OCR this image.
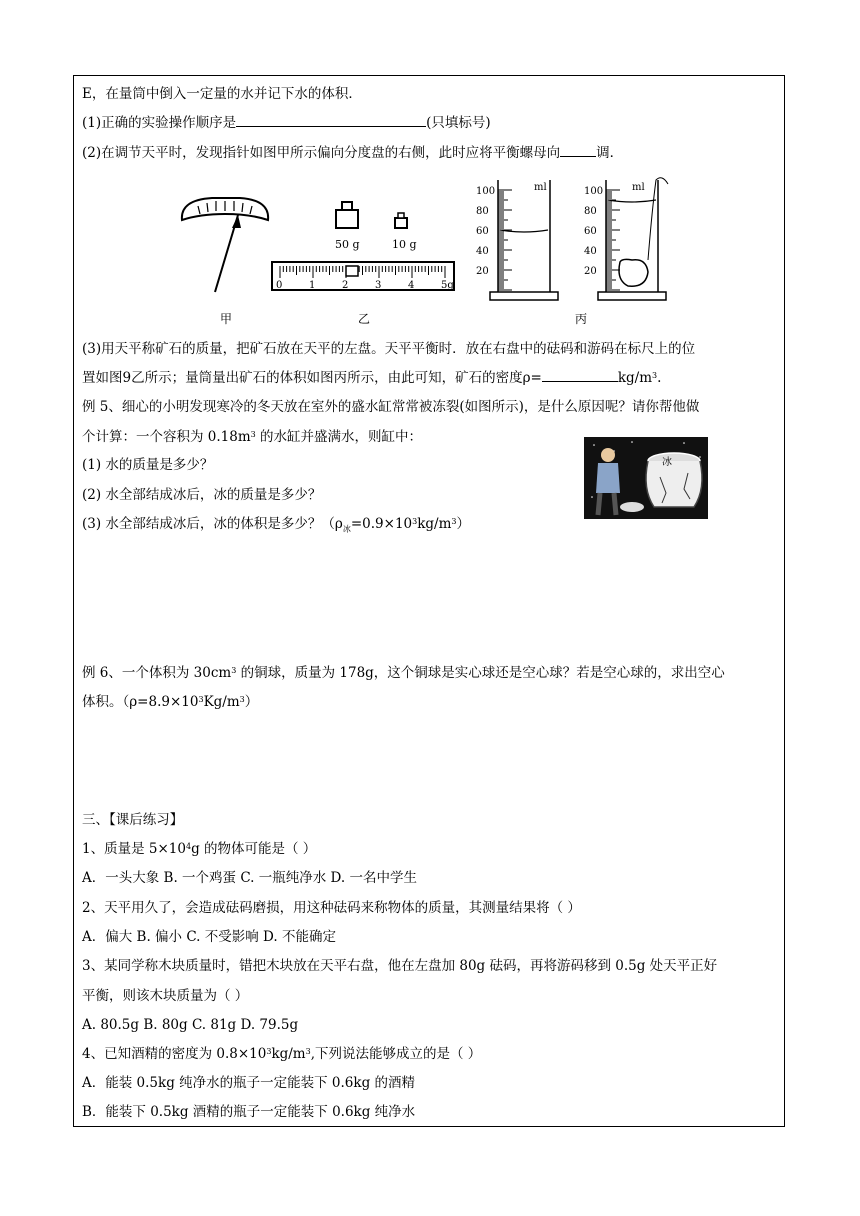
E，在量筒中倒入一定量的水并记下水的体积．
(1)正确的实验操作顺序是	(只填标号)
(2)在调节天平时，发现指针如图甲所示偏向分度盘的右侧，此时应将平衡螺母向	调．
50 g	10 g
0	1	2	3	4	5g
100	100
80	80
60	60
40	40
20	20
ml	ml
甲	乙	丙
(3)用天平称矿石的质量，把矿石放在天平的左盘。天平平衡时．放在右盘中的砝码和游码在标尺上的位
置如图9乙所示；量筒量出矿石的体积如图丙所示，由此可知，矿石的密度ρ=	$kg/m^3$.
例 5、细心的小明发现寒冷的冬天放在室外的盛水缸常常被冻裂(如图所示)，是什么原因呢？请你帮他做
个计算：一个容积为 $0.18m^3$ 的水缸并盛满水，则缸中：
(1) 水的质量是多少？
(2) 水全部结成冰后，冰的质量是多少？
(3) 水全部结成冰后，冰的体积是多少？$(\rho_冰=0.9\times 10^3kg/m^3)$
冰
例 6、一个体积为 $30cm^3$ 的铜球，质量为 178g，这个铜球是实心球还是空心球？若是空心球的，求出空心
体积。$(\rho=8.9\times 10^3Kg/m^3)$
三、【课后练习】
1、质量是 $5\times 10^4g$ 的物体可能是（ ）
A．一头大象 B. 一个鸡蛋 C. 一瓶纯净水 D. 一名中学生
2、天平用久了，会造成砝码磨损，用这种砝码来称物体的质量，其测量结果将（ ）
A．偏大 B. 偏小 C. 不受影响 D. 不能确定
3、某同学称木块质量时，错把木块放在天平右盘，他在左盘加 80g 砝码，再将游码移到 0.5g 处天平正好
平衡，则该木块质量为（ ）
A. 80.5g B. 80g C. 81g D. 79.5g
4、已知酒精的密度为 $0.8\times 10^3kg/m^3$,下列说法能够成立的是（ ）
A．能装 0.5kg 纯净水的瓶子一定能装下 0.6kg 的酒精
B．能装下 0.5kg 酒精的瓶子一定能装下 0.6kg 纯净水
